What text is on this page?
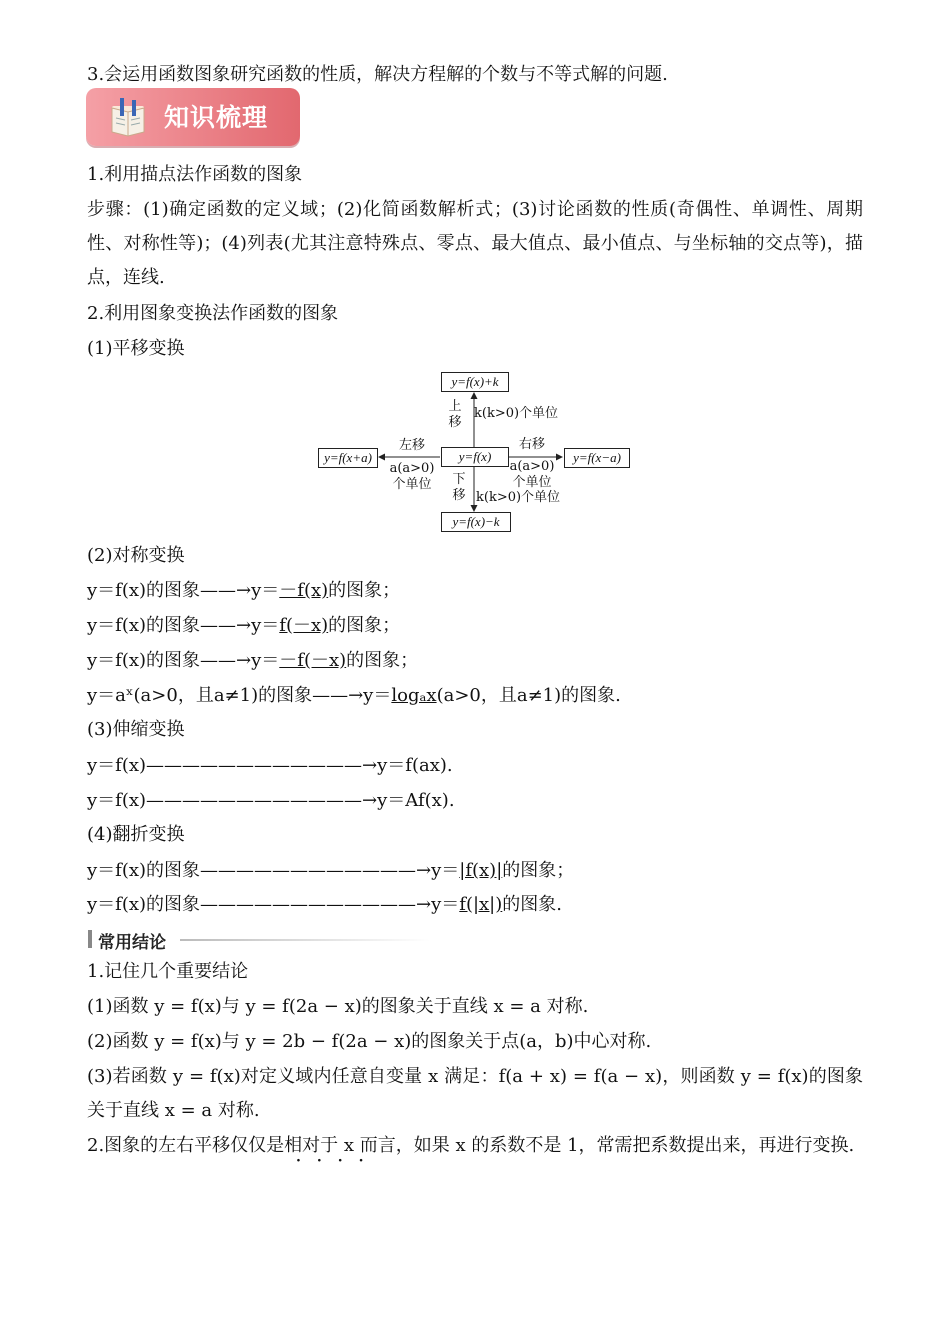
3.会运用函数图象研究函数的性质，解决方程解的个数与不等式解的问题.
知识梳理
1.利用描点法作函数的图象
步骤：(1)确定函数的定义域；(2)化简函数解析式；(3)讨论函数的性质(奇偶性、单调性、周期性、对称性等)；(4)列表(尤其注意特殊点、零点、最大值点、最小值点、与坐标轴的交点等)，描点，连线.
2.利用图象变换法作函数的图象
(1)平移变换
y=f(x)+k
y=f(x)
y=f(x)−k
y=f(x+a)	y=f(x−a)
上
移
k(k>0)个单位
下
移 k(k>0)个单位
左移
a(a>0)
个单位
右移
a(a>0)
个单位
(2)对称变换
y＝f(x)的图象——→y＝－f(x)的图象；
y＝f(x)的图象——→y＝f(－x)的图象；
y＝f(x)的图象——→y＝－f(－x)的图象；
y＝aˣ(a>0，且a≠1)的图象——→y＝logₐx(a>0，且a≠1)的图象.
(3)伸缩变换
y＝f(x)————————————→y＝f(ax).
y＝f(x)————————————→y＝Af(x).
(4)翻折变换
y＝f(x)的图象————————————→y＝|f(x)|的图象；
y＝f(x)的图象————————————→y＝f(|x|)的图象.
常用结论
1.记住几个重要结论
(1)函数 y = f(x)与 y = f(2a − x)的图象关于直线 x = a 对称.
(2)函数 y = f(x)与 y = 2b − f(2a − x)的图象关于点(a，b)中心对称.
(3)若函数 y = f(x)对定义域内任意自变量 x 满足：f(a + x) = f(a − x)，则函数 y = f(x)的图象关于直线 x = a 对称.
2.图象的左右平移仅仅是相对于 x 而言，如果 x 的系数不是 1，常需把系数提出来，再进行变换.
····
